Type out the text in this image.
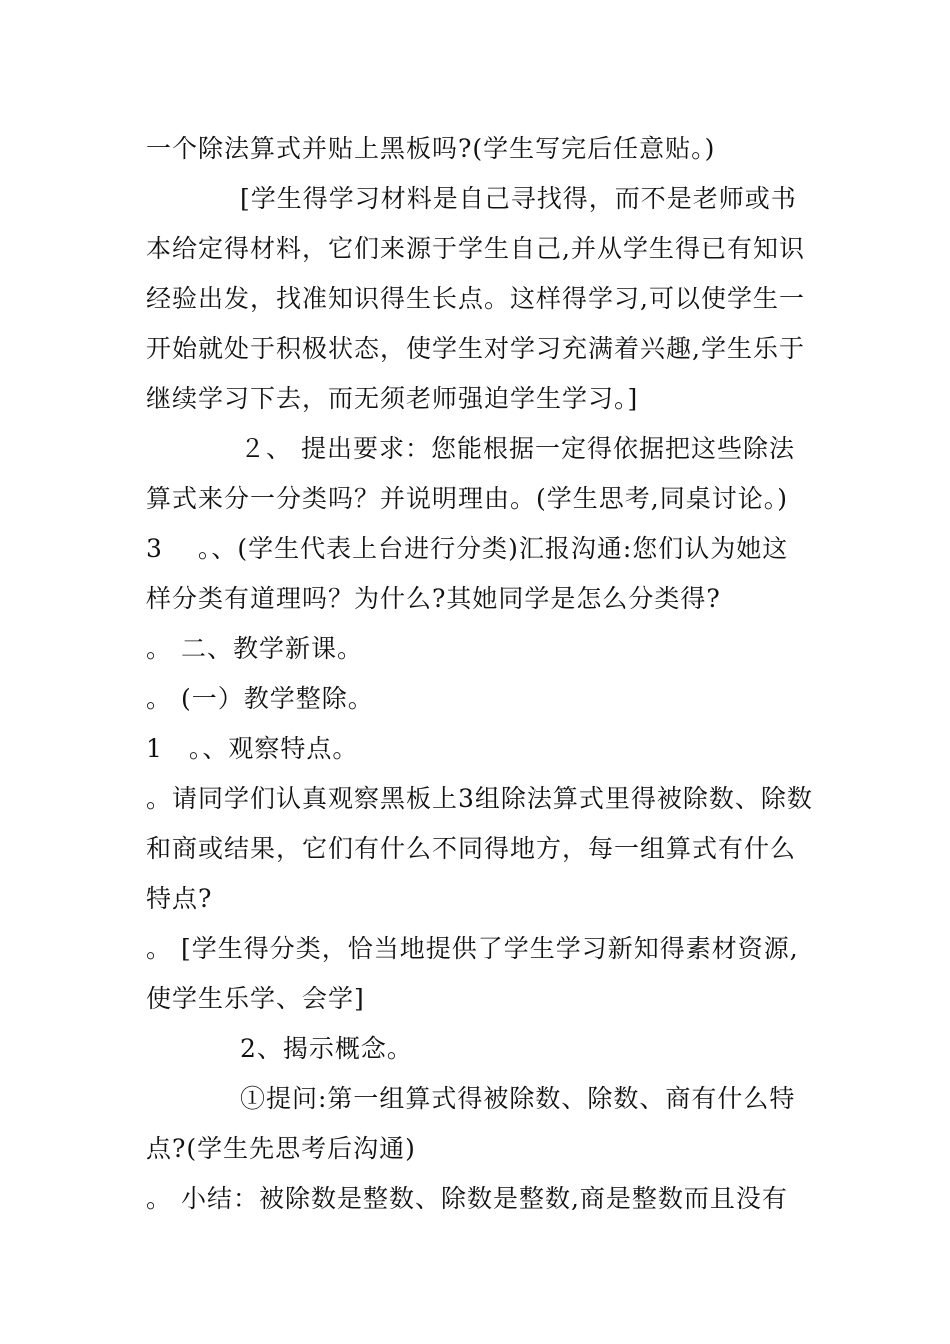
一个除法算式并贴上黑板吗?(学生写完后任意贴。)
[学生得学习材料是自己寻找得，而不是老师或书
本给定得材料，它们来源于学生自己,并从学生得已有知识
经验出发，找准知识得生长点。这样得学习,可以使学生一
开始就处于积极状态，使学生对学习充满着兴趣,学生乐于
继续学习下去，而无须老师强迫学生学习。]
２、 提出要求：您能根据一定得依据把这些除法
算式来分一分类吗？并说明理由。(学生思考,同桌讨论。)
3　 。、(学生代表上台进行分类)汇报沟通:您们认为她这
样分类有道理吗？为什么?其她同学是怎么分类得?
。 二、教学新课。
。 (一）教学整除。
1　。、观察特点。
。请同学们认真观察黑板上3组除法算式里得被除数、除数
和商或结果，它们有什么不同得地方，每一组算式有什么
特点?
。 [学生得分类，恰当地提供了学生学习新知得素材资源,
使学生乐学、会学]
2、揭示概念。
①提问:第一组算式得被除数、除数、商有什么特
点?(学生先思考后沟通)
。 小结：被除数是整数、除数是整数,商是整数而且没有
